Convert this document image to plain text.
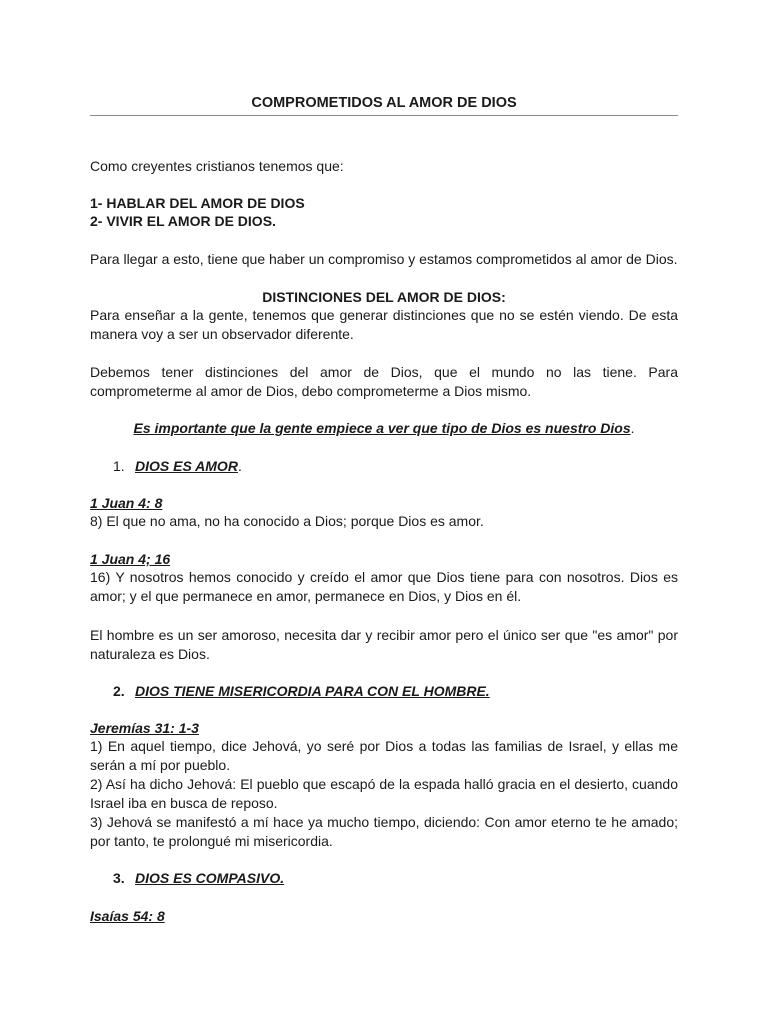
COMPROMETIDOS AL AMOR DE DIOS
Como creyentes cristianos tenemos que:
1- HABLAR DEL AMOR DE DIOS
2- VIVIR EL AMOR DE DIOS.
Para llegar a esto, tiene que haber un compromiso y estamos comprometidos al amor de Dios.
DISTINCIONES DEL AMOR DE DIOS:
Para enseñar a la gente, tenemos que generar distinciones que no se estén viendo. De esta manera voy a ser un observador diferente.
Debemos tener distinciones del amor de Dios, que el mundo no las tiene. Para comprometerme al amor de Dios, debo comprometerme a Dios mismo.
Es importante que la gente empiece a ver que tipo de Dios es nuestro Dios.
1. DIOS ES AMOR.
1 Juan 4: 8
8) El que no ama, no ha conocido a Dios; porque Dios es amor.
1 Juan 4; 16
16) Y nosotros hemos conocido y creído el amor que Dios tiene para con nosotros. Dios es amor; y el que permanece en amor, permanece en Dios, y Dios en él.
El hombre es un ser amoroso, necesita dar y recibir amor pero el único ser que "es amor" por naturaleza es Dios.
2. DIOS TIENE MISERICORDIA PARA CON EL HOMBRE.
Jeremías 31: 1-3
1) En aquel tiempo, dice Jehová, yo seré por Dios a todas las familias de Israel, y ellas me serán a mí por pueblo.
2) Así ha dicho Jehová: El pueblo que escapó de la espada halló gracia en el desierto, cuando Israel iba en busca de reposo.
3) Jehová se manifestó a mí hace ya mucho tiempo, diciendo: Con amor eterno te he amado; por tanto, te prolongué mi misericordia.
3. DIOS ES COMPASIVO.
Isaías 54: 8
